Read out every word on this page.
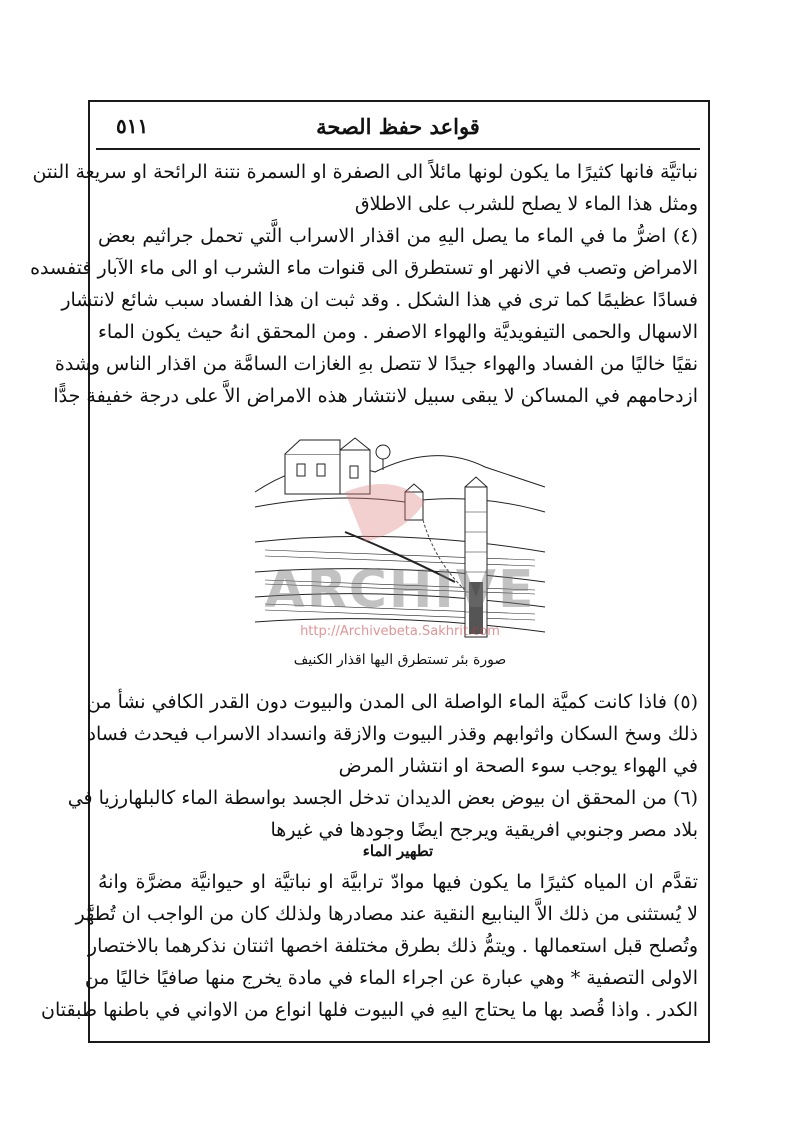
قواعد حفظ الصحة
٥١١
نباتيَّة فانها كثيرًا ما يكون لونها مائلاً الى الصفرة او السمرة نتنة الرائحة او سريعة النتن
ومثل هذا الماء لا يصلح للشرب على الاطلاق
(٤) اضرُّ ما في الماء ما يصل اليهِ من اقذار الاسراب الَّتي تحمل جراثيم بعض
الامراض وتصب في الانهر او تستطرق الى قنوات ماء الشرب او الى ماء الآبار فتفسده
فسادًا عظيمًا كما ترى في هذا الشكل . وقد ثبت ان هذا الفساد سبب شائع لانتشار
الاسهال والحمى التيفويديَّة والهواء الاصفر . ومن المحقق انهُ حيث يكون الماء
نقيًا خاليًا من الفساد والهواء جيدًا لا تتصل بهِ الغازات السامَّة من اقذار الناس وشدة
ازدحامهم في المساكن لا يبقى سبيل لانتشار هذه الامراض الاَّ على درجة خفيفة جدًّا
ARCHIVE
http://Archivebeta.Sakhrit.com
صورة بئر تستطرق اليها اقذار الكنيف
(٥) فاذا كانت كميَّة الماء الواصلة الى المدن والبيوت دون القدر الكافي نشأ من
ذلك وسخ السكان واثوابهم وقذر البيوت والازقة وانسداد الاسراب فيحدث فساد
في الهواء يوجب سوء الصحة او انتشار المرض
(٦) من المحقق ان بيوض بعض الديدان تدخل الجسد بواسطة الماء كالبلهارزيا في
بلاد مصر وجنوبي افريقية ويرجح ايضًا وجودها في غيرها
تطهير الماء
تقدَّم ان المياه كثيرًا ما يكون فيها موادّ ترابيَّة او نباتيَّة او حيوانيَّة مضرَّة وانهُ
لا يُستثنى من ذلك الاَّ الينابيع النقية عند مصادرها ولذلك كان من الواجب ان تُطهَّر
وتُصلح قبل استعمالها . ويتمُّ ذلك بطرق مختلفة اخصها اثنتان نذكرهما بالاختصار
الاولى التصفية * وهي عبارة عن اجراء الماء في مادة يخرج منها صافيًا خاليًا من
الكدر . واذا قُصد بها ما يحتاج اليهِ في البيوت فلها انواع من الاواني في باطنها طبقتان
